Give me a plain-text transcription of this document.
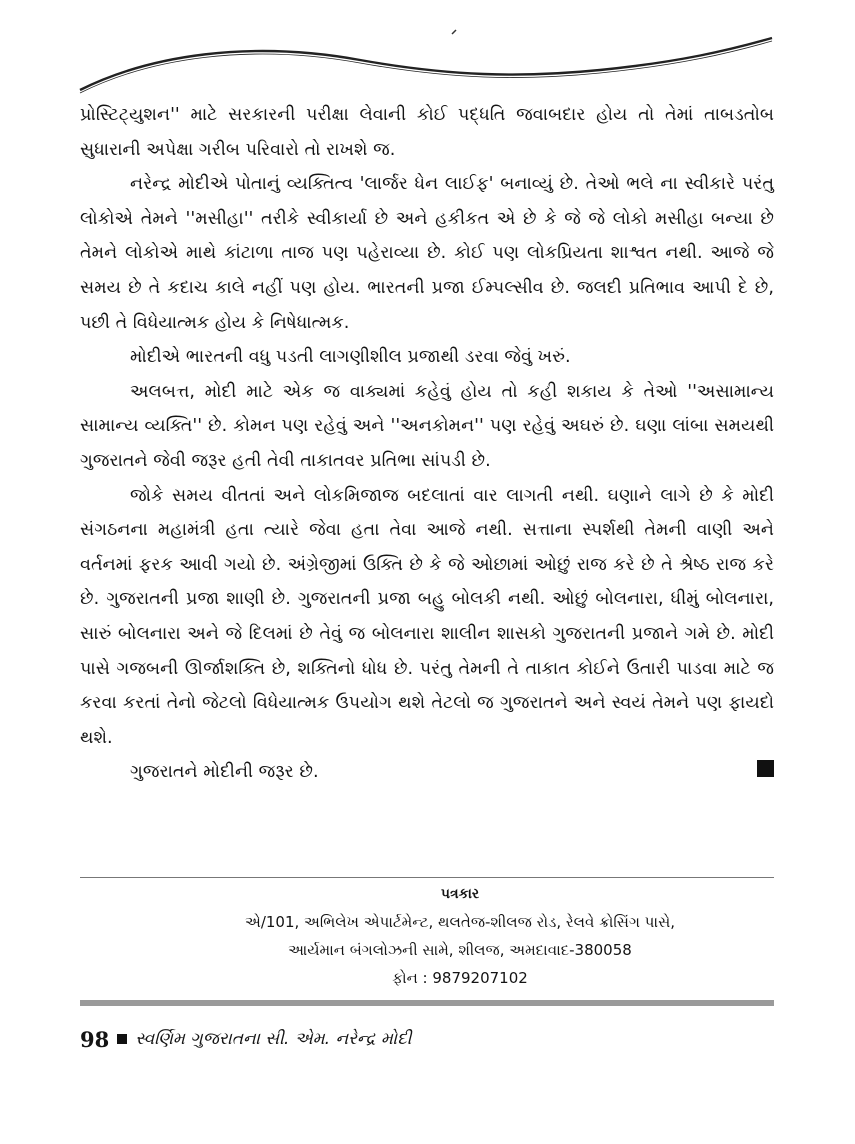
પ્રોસ્ટિટ્યુશન'' માટે સરકારની પરીક્ષા લેવાની કોઈ પદ્ધતિ જવાબદાર હોય તો તેમાં તાબડતોબ સુધારાની અપેક્ષા ગરીબ પરિવારો તો રાખશે જ.

નરેન્દ્ર મોદીએ પોતાનું વ્યક્તિત્વ 'લાર્જર ધેન લાઈફ' બનાવ્યું છે. તેઓ ભલે ના સ્વીકારે પરંતુ લોકોએ તેમને ''મસીહા'' તરીકે સ્વીકાર્યા છે અને હકીકત એ છે કે જે જે લોકો મસીહા બન્યા છે તેમને લોકોએ માથે કાંટાળા તાજ પણ પહેરાવ્યા છે. કોઈ પણ લોકપ્રિયતા શાશ્વત નથી. આજે જે સમય છે તે કદાચ કાલે નહીં પણ હોય. ભારતની પ્રજા ઈમ્પલ્સીવ છે. જલદી પ્રતિભાવ આપી દે છે, પછી તે વિધેયાત્મક હોય કે નિષેધાત્મક.

મોદીએ ભારતની વધુ પડતી લાગણીશીલ પ્રજાથી ડરવા જેવું ખરું.

અલબત્ત, મોદી માટે એક જ વાક્યમાં કહેવું હોય તો કહી શકાય કે તેઓ ''અસામાન્ય સામાન્ય વ્યક્તિ'' છે. કોમન પણ રહેવું અને ''અનકોમન'' પણ રહેવું અઘરું છે. ઘણા લાંબા સમયથી ગુજરાતને જેવી જરૂર હતી તેવી તાકાતવર પ્રતિભા સાંપડી છે.

જોકે સમય વીતતાં અને લોકમિજાજ બદલાતાં વાર લાગતી નથી. ઘણાને લાગે છે કે મોદી સંગઠનના મહામંત્રી હતા ત્યારે જેવા હતા તેવા આજે નથી. સત્તાના સ્પર્શથી તેમની વાણી અને વર્તનમાં ફરક આવી ગયો છે. અંગ્રેજીમાં ઉક્તિ છે કે જે ઓછામાં ઓછું રાજ કરે છે તે શ્રેષ્ઠ રાજ કરે છે. ગુજરાતની પ્રજા શાણી છે. ગુજરાતની પ્રજા બહુ બોલકી નથી. ઓછું બોલનારા, ધીમું બોલનારા, સારું બોલનારા અને જે દિલમાં છે તેવું જ બોલનારા શાલીન શાસકો ગુજરાતની પ્રજાને ગમે છે. મોદી પાસે ગજબની ઊર્જાશક્તિ છે, શક્તિનો ધોધ છે. પરંતુ તેમની તે તાકાત કોઈને ઉતારી પાડવા માટે જ કરવા કરતાં તેનો જેટલો વિધેયાત્મક ઉપયોગ થશે તેટલો જ ગુજરાતને અને સ્વયં તેમને પણ ફાયદો થશે.

ગુજરાતને મોદીની જરૂર છે.

પત્રકાર
એ/101, અભિલેખ એપાર્ટમેન્ટ, થલતેજ-શીલજ રોડ, રેલવે ક્રોસિંગ પાસે,
આર્યમાન બંગલોઝની સામે, શીલજ, અમદાવાદ-380058
ફોન : 9879207102
98 સ્વર્ણિમ ગુજરાતના સી. એમ. નરેન્દ્ર મોદી
